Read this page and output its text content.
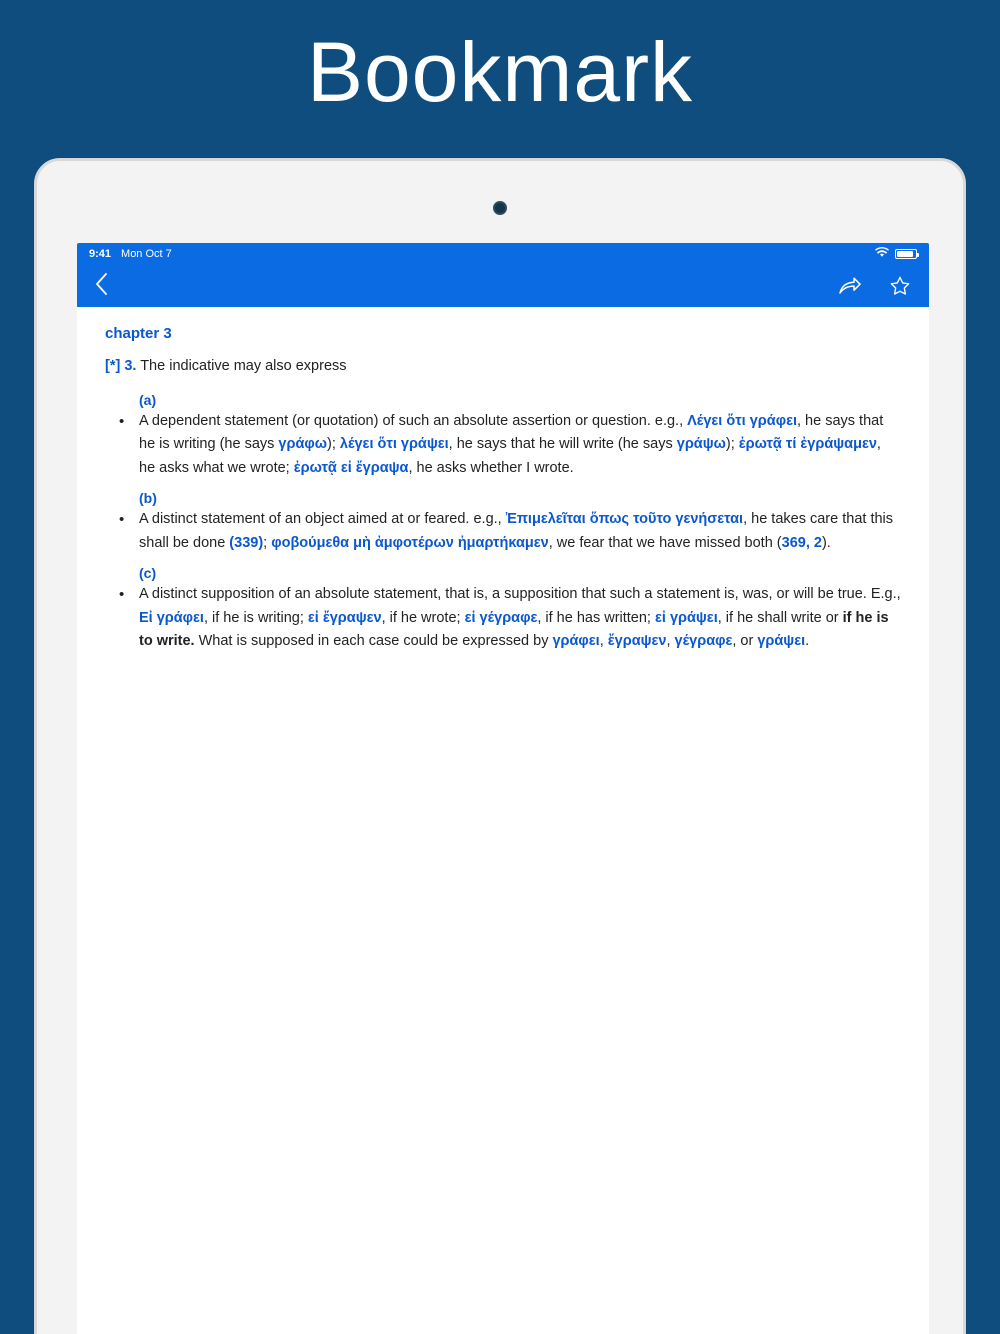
Bookmark
9:41 Mon Oct 7
chapter 3
[*] 3. The indicative may also express
(a)
• A dependent statement (or quotation) of such an absolute assertion or question. e.g., Λέγει ὅτι γράφει, he says that he is writing (he says γράφω); λέγει ὅτι γράψει, he says that he will write (he says γράψω); ἐρωτᾷ τί ἐγράψαμεν, he asks what we wrote; ἐρωτᾷ εἰ ἔγραψα, he asks whether I wrote.
(b)
• A distinct statement of an object aimed at or feared. e.g., Ἐπιμελεῖται ὅπως τοῦτο γενήσεται, he takes care that this shall be done (339); φοβούμεθα μὴ ἀμφοτέρων ἡμαρτήκαμεν, we fear that we have missed both (369, 2).
(c)
• A distinct supposition of an absolute statement, that is, a supposition that such a statement is, was, or will be true. E.g., Εἰ γράφει, if he is writing; εἰ ἔγραψεν, if he wrote; εἰ γέγραφε, if he has written; εἰ γράψει, if he shall write or if he is to write. What is supposed in each case could be expressed by γράφει, ἔγραψεν, γέγραφε, or γράψει.
